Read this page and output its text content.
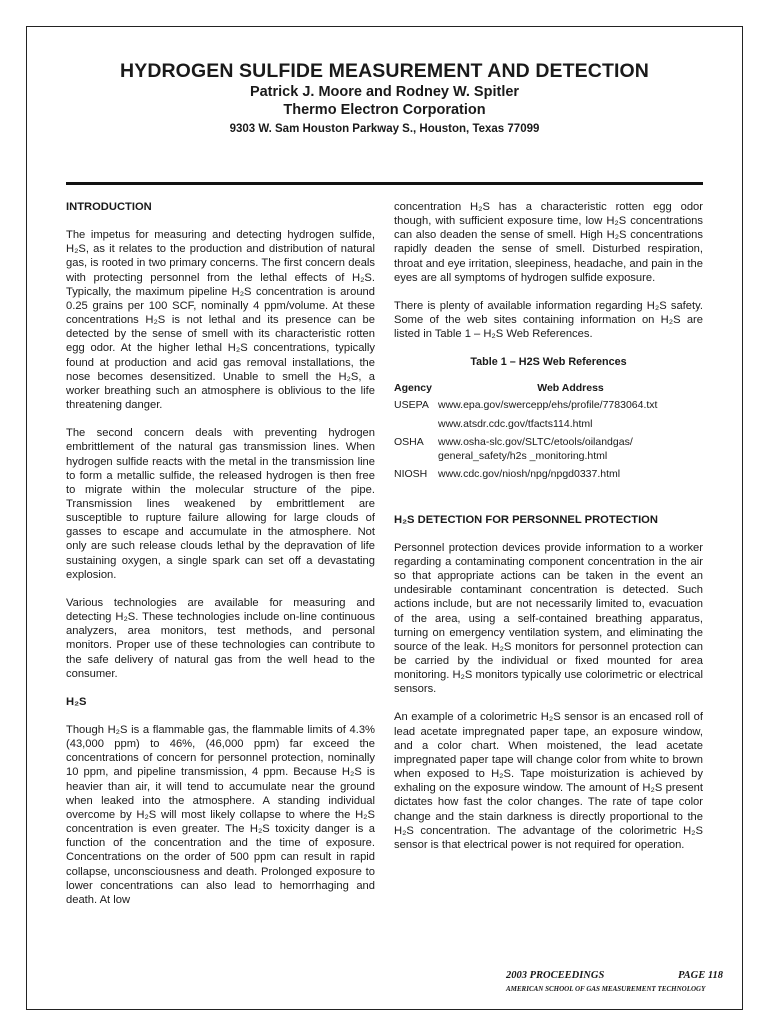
HYDROGEN SULFIDE MEASUREMENT AND DETECTION
Patrick J. Moore and Rodney W. Spitler
Thermo Electron Corporation
9303 W. Sam Houston Parkway S., Houston, Texas 77099
INTRODUCTION

The impetus for measuring and detecting hydrogen sulfide, H₂S, as it relates to the production and distribution of natural gas, is rooted in two primary concerns. The first concern deals with protecting personnel from the lethal effects of H₂S. Typically, the maximum pipeline H₂S concentration is around 0.25 grains per 100 SCF, nominally 4 ppm/volume. At these concentrations H₂S is not lethal and its presence can be detected by the sense of smell with its characteristic rotten egg odor. At the higher lethal H₂S concentrations, typically found at production and acid gas removal installations, the nose becomes desensitized. Unable to smell the H₂S, a worker breathing such an atmosphere is oblivious to the life threatening danger.

The second concern deals with preventing hydrogen embrittlement of the natural gas transmission lines. When hydrogen sulfide reacts with the metal in the transmission line to form a metallic sulfide, the released hydrogen is then free to migrate within the molecular structure of the pipe. Transmission lines weakened by embrittlement are susceptible to rupture failure allowing for large clouds of gasses to escape and accumulate in the atmosphere. Not only are such release clouds lethal by the depravation of life sustaining oxygen, a single spark can set off a devastating explosion.

Various technologies are available for measuring and detecting H₂S. These technologies include on-line continuous analyzers, area monitors, test methods, and personal monitors. Proper use of these technologies can contribute to the safe delivery of natural gas from the well head to the consumer.

H₂S

Though H₂S is a flammable gas, the flammable limits of 4.3% (43,000 ppm) to 46%, (46,000 ppm) far exceed the concentrations of concern for personnel protection, nominally 10 ppm, and pipeline transmission, 4 ppm. Because H₂S is heavier than air, it will tend to accumulate near the ground when leaked into the atmosphere. A standing individual overcome by H₂S will most likely collapse to where the H₂S concentration is even greater. The H₂S toxicity danger is a function of the concentration and the time of exposure. Concentrations on the order of 500 ppm can result in rapid collapse, unconsciousness and death. Prolonged exposure to lower concentrations can also lead to hemorrhaging and death. At low

concentration H₂S has a characteristic rotten egg odor though, with sufficient exposure time, low H₂S concentrations can also deaden the sense of smell. High H₂S concentrations rapidly deaden the sense of smell. Disturbed respiration, throat and eye irritation, sleepiness, headache, and pain in the eyes are all symptoms of hydrogen sulfide exposure.

There is plenty of available information regarding H₂S safety. Some of the web sites containing information on H₂S are listed in Table 1 – H₂S Web References.

Table 1 – H2S Web References
Agency	Web Address
USEPA	www.epa.gov/swercepp/ehs/profile/7783064.txt
	www.atsdr.cdc.gov/tfacts114.html
OSHA	www.osha-slc.gov/SLTC/etools/oilandgas/ general_safety/h2s _monitoring.html
NIOSH	www.cdc.gov/niosh/npg/npgd0337.html
H₂S DETECTION FOR PERSONNEL PROTECTION

Personnel protection devices provide information to a worker regarding a contaminating component concentration in the air so that appropriate actions can be taken in the event an undesirable contaminant concentration is detected. Such actions include, but are not necessarily limited to, evacuation of the area, using a self-contained breathing apparatus, turning on emergency ventilation system, and eliminating the source of the leak. H₂S monitors for personnel protection can be carried by the individual or fixed mounted for area monitoring. H₂S monitors typically use colorimetric or electrical sensors.

An example of a colorimetric H₂S sensor is an encased roll of lead acetate impregnated paper tape, an exposure window, and a color chart. When moistened, the lead acetate impregnated paper tape will change color from white to brown when exposed to H₂S. Tape moisturization is achieved by exhaling on the exposure window. The amount of H₂S present dictates how fast the color changes. The rate of tape color change and the stain darkness is directly proportional to the H₂S concentration. The advantage of the colorimetric H₂S sensor is that electrical power is not required for operation.

2003 PROCEEDINGS	PAGE 118
AMERICAN SCHOOL OF GAS MEASUREMENT TECHNOLOGY
